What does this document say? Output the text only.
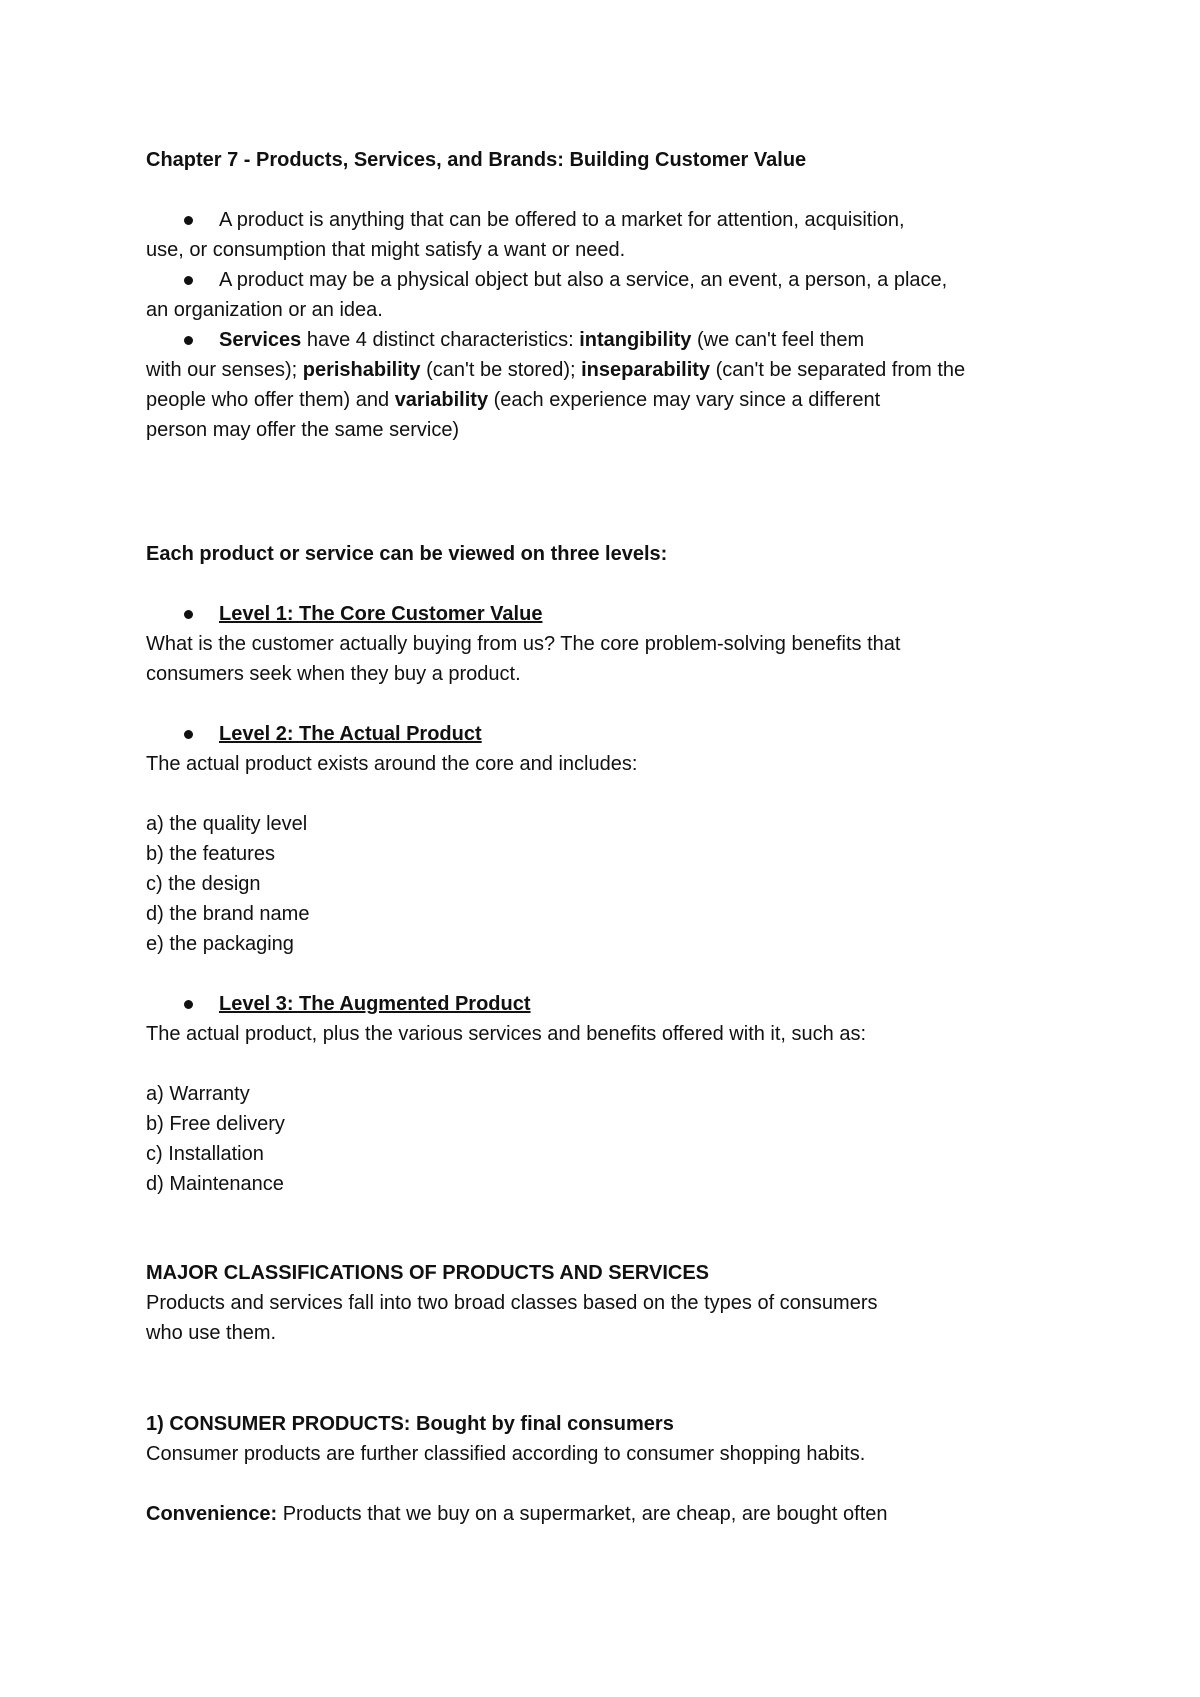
Chapter 7 - Products, Services, and Brands: Building Customer Value
A product is anything that can be offered to a market for attention, acquisition,
use, or consumption that might satisfy a want or need.
A product may be a physical object but also a service, an event, a person, a place,
an organization or an idea.
Services have 4 distinct characteristics: intangibility (we can't feel them
with our senses); perishability (can't be stored); inseparability (can't be separated from the
people who offer them) and variability (each experience may vary since a different
person may offer the same service)
Each product or service can be viewed on three levels:
Level 1: The Core Customer Value
What is the customer actually buying from us? The core problem-solving benefits that
consumers seek when they buy a product.
Level 2: The Actual Product
The actual product exists around the core and includes:
a) the quality level
b) the features
c) the design
d) the brand name
e) the packaging
Level 3: The Augmented Product
The actual product, plus the various services and benefits offered with it, such as:
a) Warranty
b) Free delivery
c) Installation
d) Maintenance
MAJOR CLASSIFICATIONS OF PRODUCTS AND SERVICES
Products and services fall into two broad classes based on the types of consumers
who use them.
1) CONSUMER PRODUCTS: Bought by final consumers
Consumer products are further classified according to consumer shopping habits.
Convenience: Products that we buy on a supermarket, are cheap, are bought often
